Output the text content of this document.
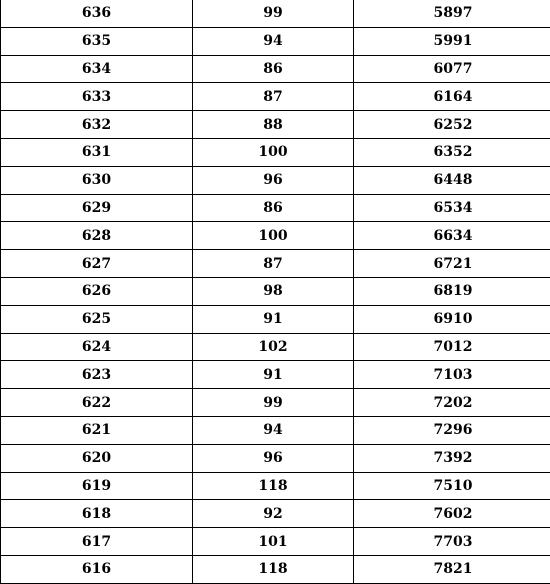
636	99	5897
635	94	5991
634	86	6077
633	87	6164
632	88	6252
631	100	6352
630	96	6448
629	86	6534
628	100	6634
627	87	6721
626	98	6819
625	91	6910
624	102	7012
623	91	7103
622	99	7202
621	94	7296
620	96	7392
619	118	7510
618	92	7602
617	101	7703
616	118	7821
